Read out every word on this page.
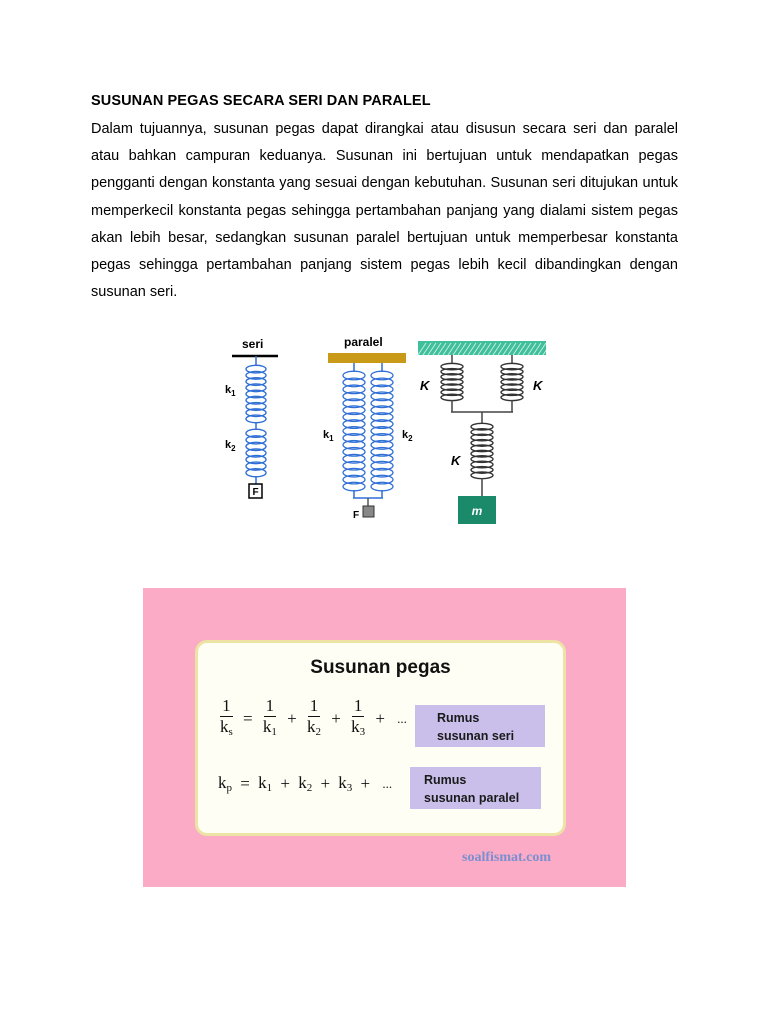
SUSUNAN PEGAS SECARA SERI DAN PARALEL
Dalam tujuannya, susunan pegas dapat dirangkai atau disusun secara seri dan paralel atau bahkan campuran keduanya. Susunan ini bertujuan untuk mendapatkan pegas pengganti dengan konstanta yang sesuai dengan kebutuhan. Susunan seri ditujukan untuk memperkecil konstanta pegas sehingga pertambahan panjang yang dialami sistem pegas akan lebih besar, sedangkan susunan paralel bertujuan untuk memperbesar konstanta pegas sehingga pertambahan panjang sistem pegas lebih kecil dibandingkan dengan susunan seri.
seri
$k_1$
$k_2$
F
paralel
F
$k_1$	$k_2$
m
K	K
K
Susunan pegas
$\frac{1}{k_s} = \frac{1}{k_1} + \frac{1}{k_2} + \frac{1}{k_3}$ + ...	Rumus
susunan seri
$k_p = k_1 + k_2 + k_3$ + ...	Rumus
susunan paralel
soalfismat.com
